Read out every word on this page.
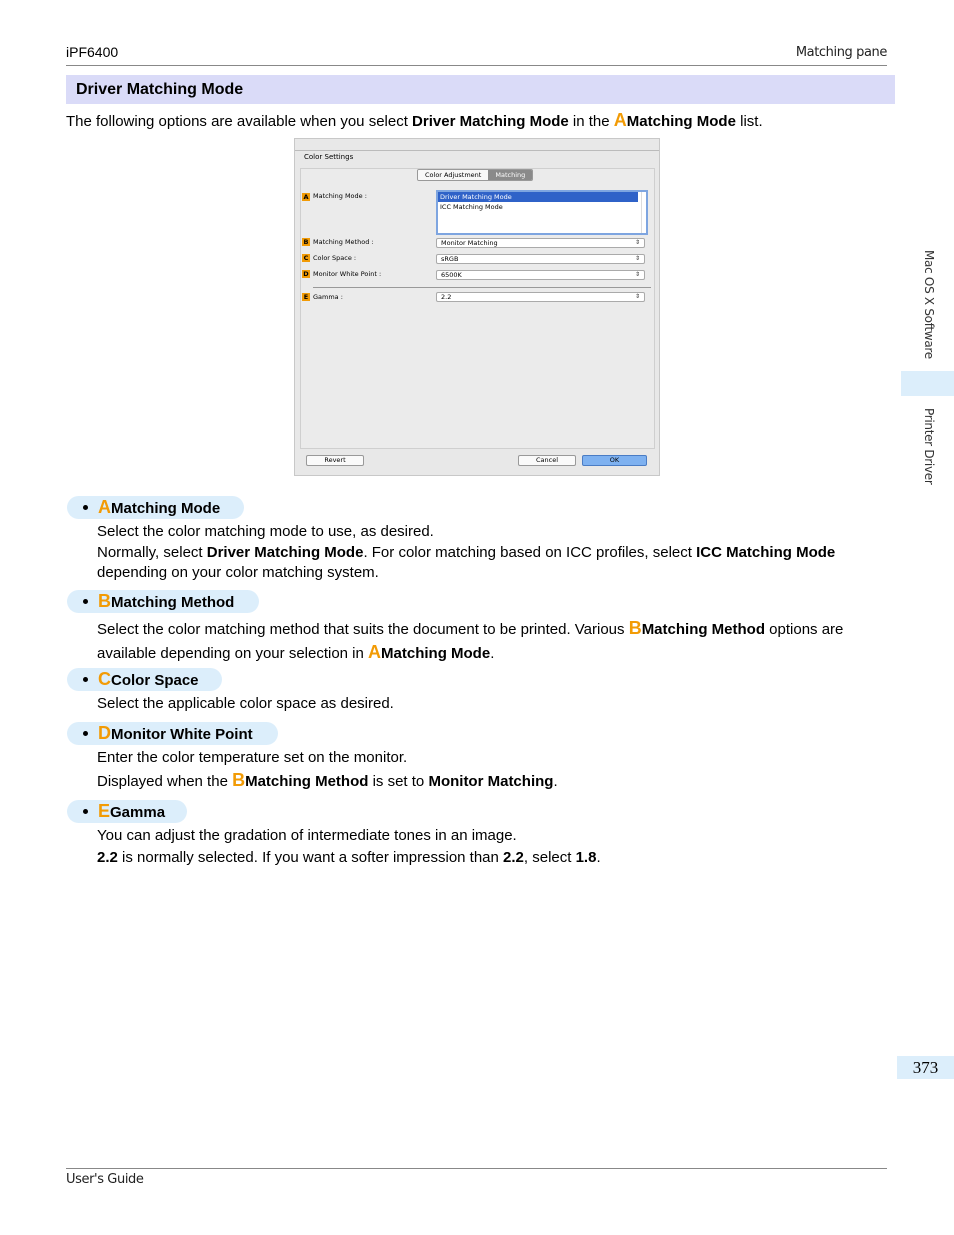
iPF6400	Matching pane
Driver Matching Mode
The following options are available when you select Driver Matching Mode in the AMatching Mode list.
Color Settings
Color Adjustment	Matching
A Matching Mode :	Driver Matching Mode
ICC Matching Mode
B Matching Method :	Monitor Matching	⇕
C Color Space :	sRGB	⇕
D Monitor White Point :	6500K	⇕
E Gamma :	2.2	⇕
Revert	Cancel	OK
AMatching Mode
Select the color matching mode to use, as desired.
Normally, select Driver Matching Mode. For color matching based on ICC profiles, select ICC Matching Mode
depending on your color matching system.
BMatching Method
Select the color matching method that suits the document to be printed. Various BMatching Method options are
available depending on your selection in AMatching Mode.
CColor Space
Select the applicable color space as desired.
DMonitor White Point
Enter the color temperature set on the monitor.
Displayed when the BMatching Method is set to Monitor Matching.
EGamma
You can adjust the gradation of intermediate tones in an image.
2.2 is normally selected. If you want a softer impression than 2.2, select 1.8.
Mac OS X Software
Printer Driver
373
User's Guide
